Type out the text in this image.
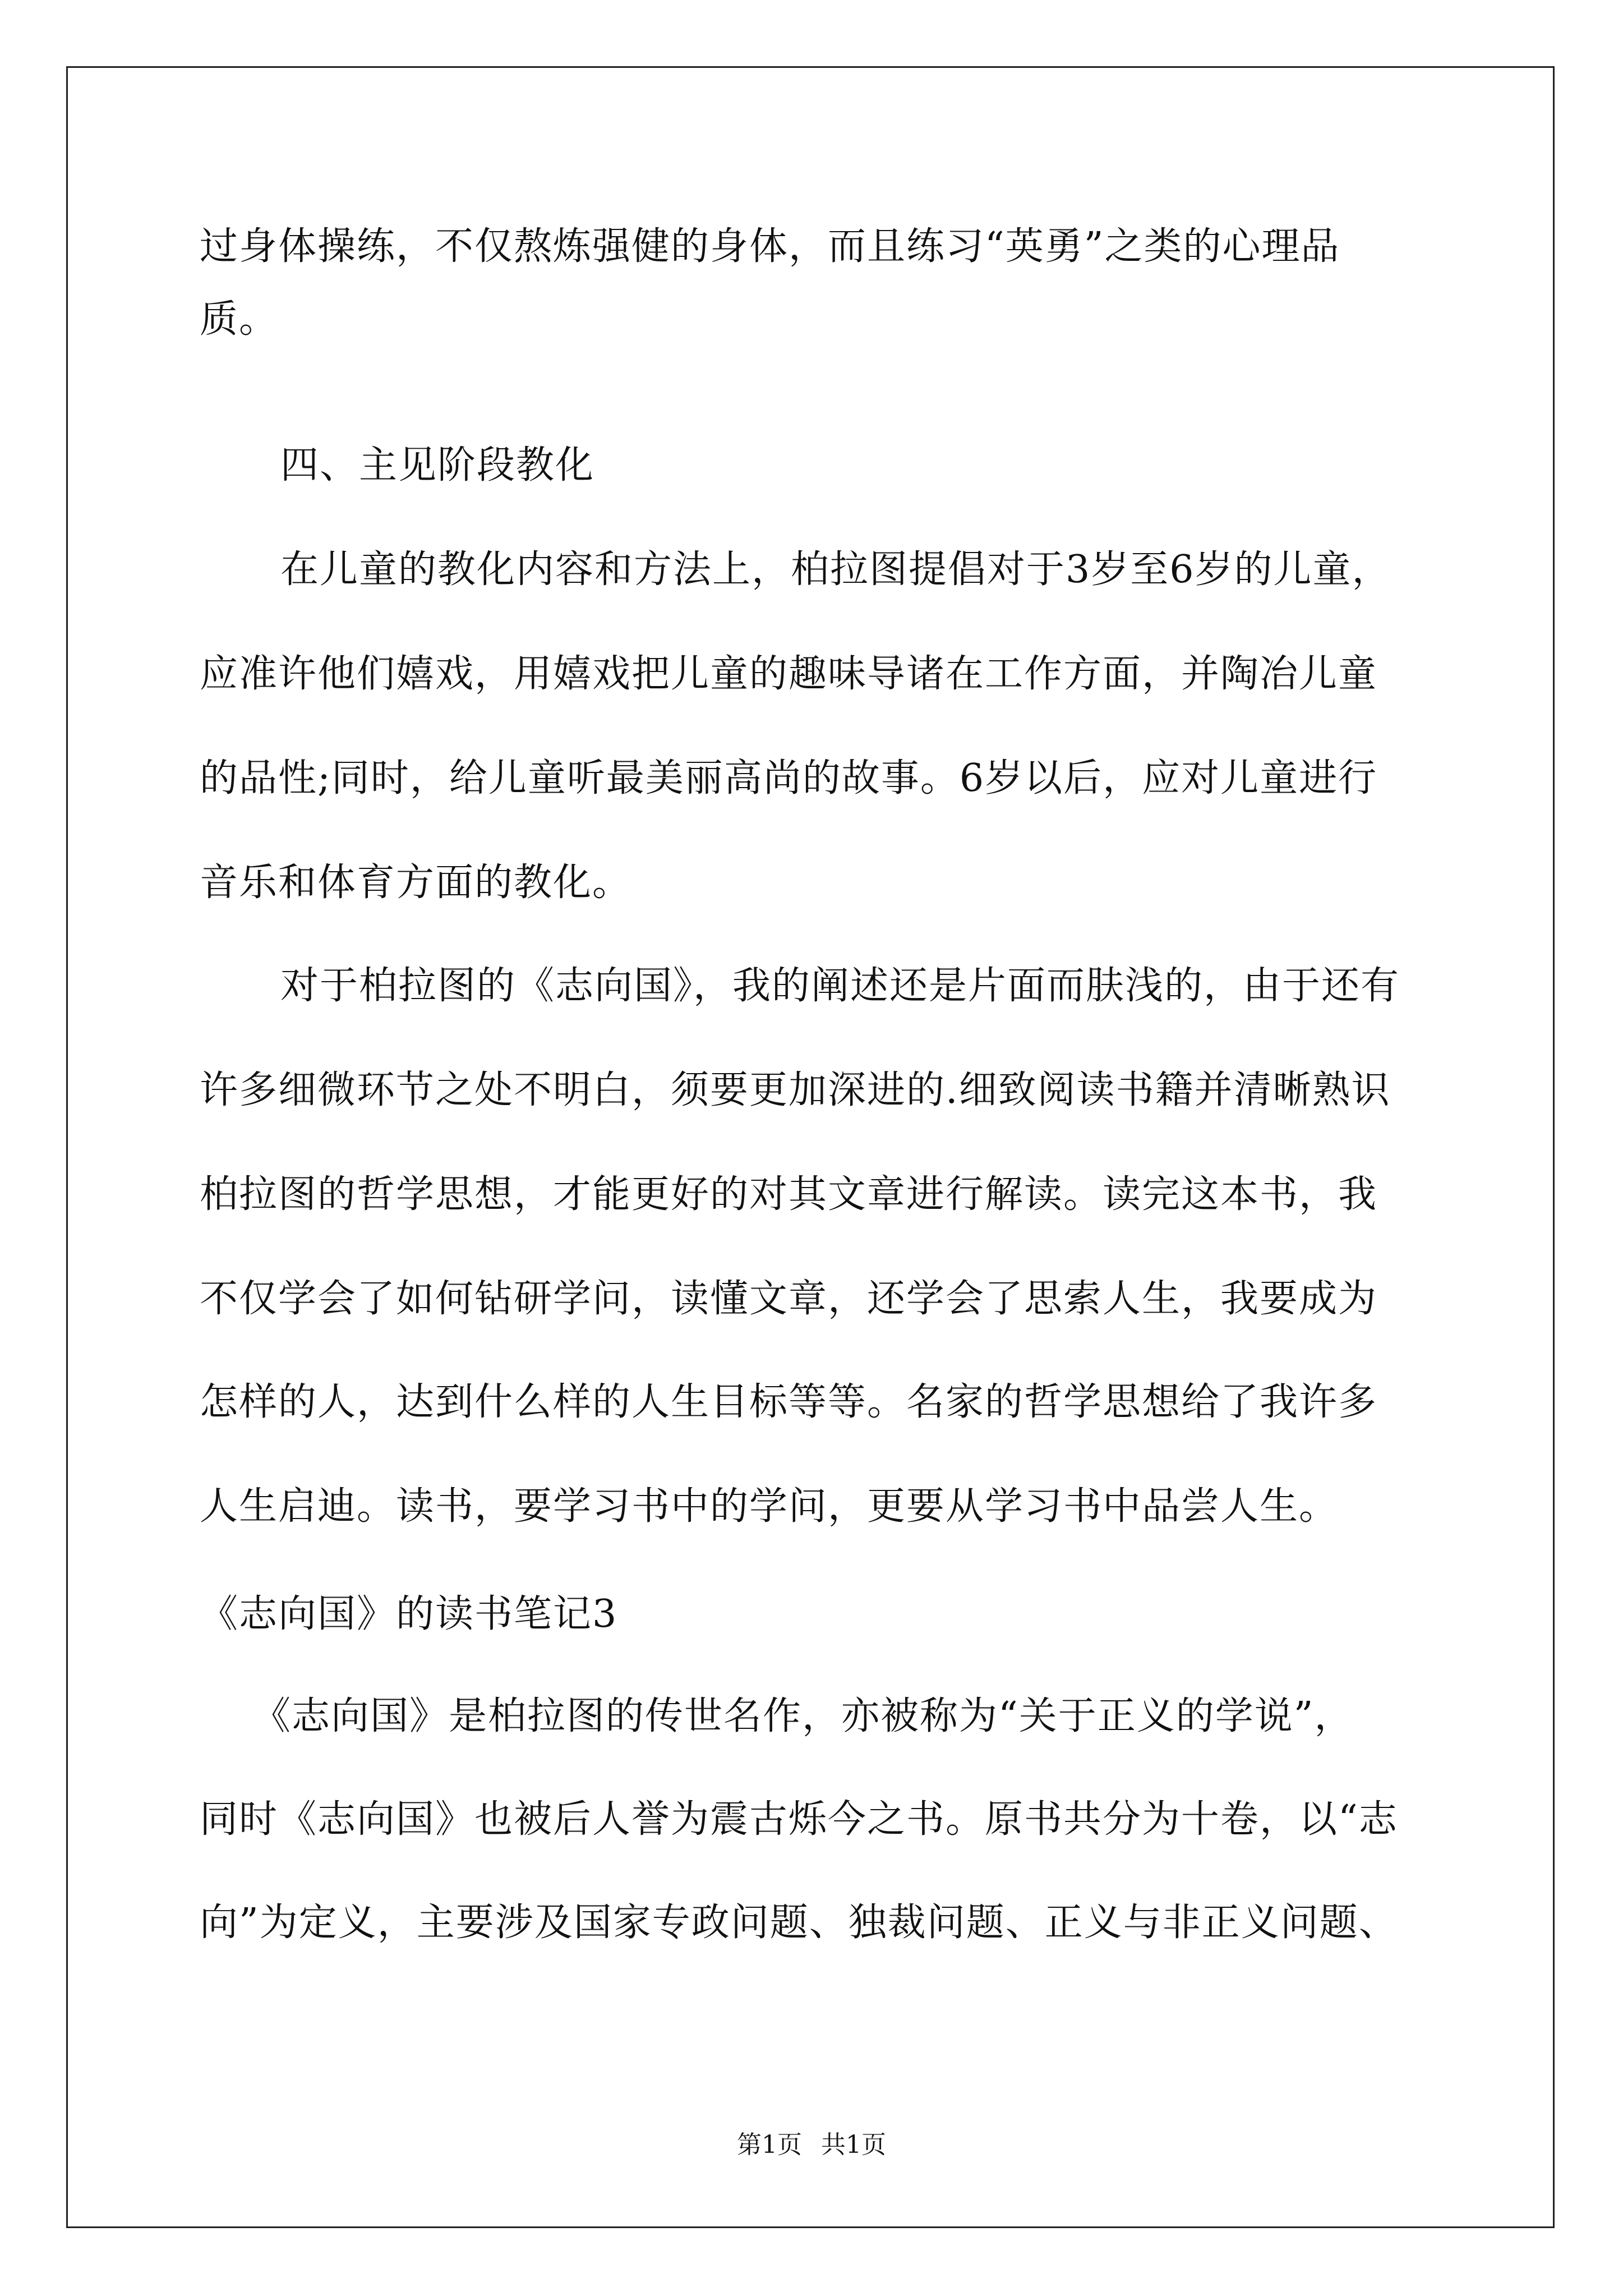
过身体操练，不仅熬炼强健的身体，而且练习“英勇”之类的心理品
质。
四、主见阶段教化
在儿童的教化内容和方法上，柏拉图提倡对于3岁至6岁的儿童，
应准许他们嬉戏，用嬉戏把儿童的趣味导诸在工作方面，并陶冶儿童
的品性;同时，给儿童听最美丽高尚的故事。6岁以后，应对儿童进行
音乐和体育方面的教化。
对于柏拉图的《志向国》，我的阐述还是片面而肤浅的，由于还有
许多细微环节之处不明白，须要更加深进的.细致阅读书籍并清晰熟识
柏拉图的哲学思想，才能更好的对其文章进行解读。读完这本书，我
不仅学会了如何钻研学问，读懂文章，还学会了思索人生，我要成为
怎样的人，达到什么样的人生目标等等。名家的哲学思想给了我许多
人生启迪。读书，要学习书中的学问，更要从学习书中品尝人生。
《志向国》的读书笔记3
《志向国》是柏拉图的传世名作，亦被称为“关于正义的学说”，
同时《志向国》也被后人誉为震古烁今之书。原书共分为十卷，以“志
向”为定义，主要涉及国家专政问题、独裁问题、正义与非正义问题、
第1页 共1页
